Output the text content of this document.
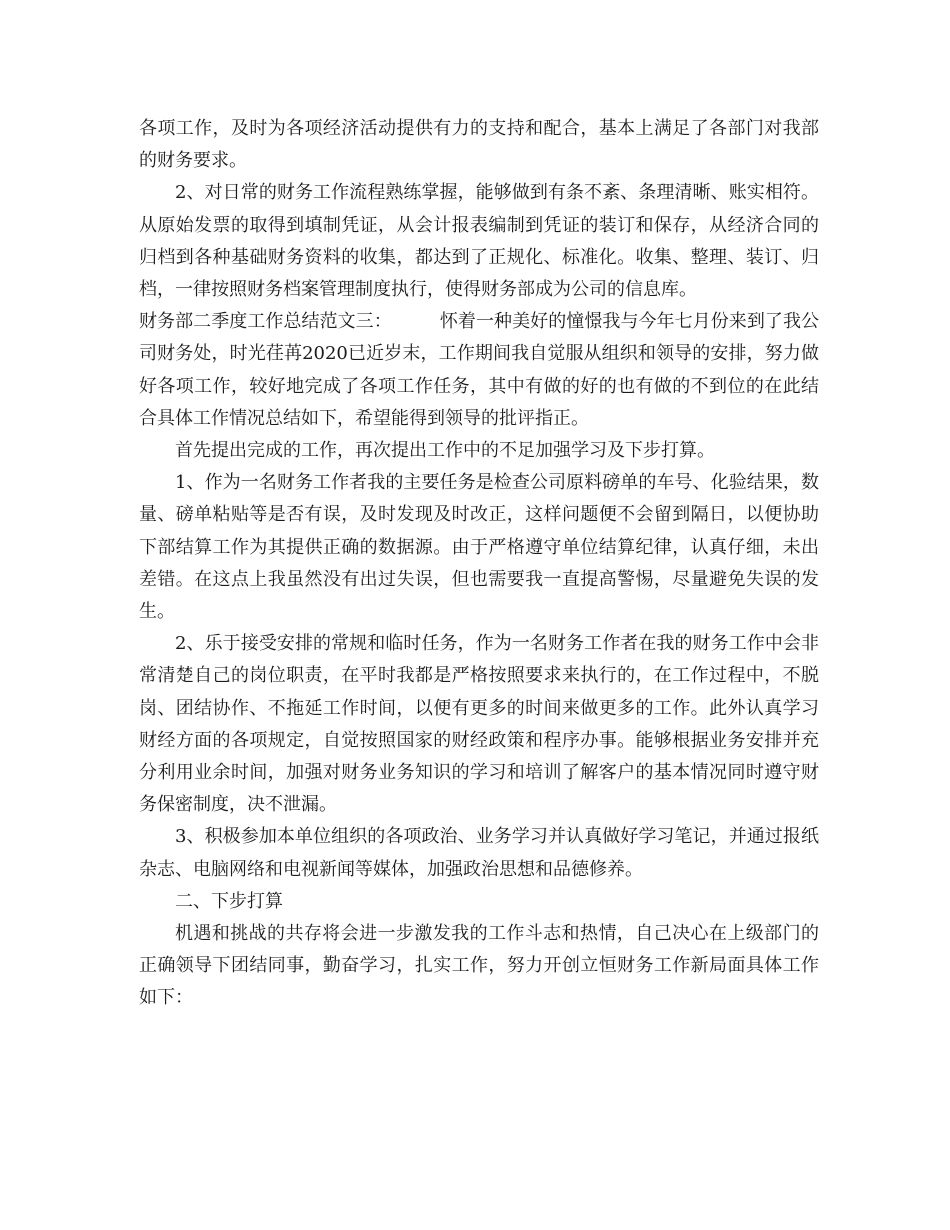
各项工作，及时为各项经济活动提供有力的支持和配合，基本上满足了各部门对我部的财务要求。

2、对日常的财务工作流程熟练掌握，能够做到有条不紊、条理清晰、账实相符。从原始发票的取得到填制凭证，从会计报表编制到凭证的装订和保存，从经济合同的归档到各种基础财务资料的收集，都达到了正规化、标准化。收集、整理、装订、归档，一律按照财务档案管理制度执行，使得财务部成为公司的信息库。

财务部二季度工作总结范文三：	怀着一种美好的憧憬我与今年七月份来到了我公司财务处，时光荏苒2020已近岁末，工作期间我自觉服从组织和领导的安排，努力做好各项工作，较好地完成了各项工作任务，其中有做的好的也有做的不到位的在此结合具体工作情况总结如下，希望能得到领导的批评指正。

首先提出完成的工作，再次提出工作中的不足加强学习及下步打算。

1、作为一名财务工作者我的主要任务是检查公司原料磅单的车号、化验结果，数量、磅单粘贴等是否有误，及时发现及时改正，这样问题便不会留到隔日，以便协助下部结算工作为其提供正确的数据源。由于严格遵守单位结算纪律，认真仔细，未出差错。在这点上我虽然没有出过失误，但也需要我一直提高警惕，尽量避免失误的发生。

2、乐于接受安排的常规和临时任务，作为一名财务工作者在我的财务工作中会非常清楚自己的岗位职责，在平时我都是严格按照要求来执行的，在工作过程中，不脱岗、团结协作、不拖延工作时间，以便有更多的时间来做更多的工作。此外认真学习财经方面的各项规定，自觉按照国家的财经政策和程序办事。能够根据业务安排并充分利用业余时间，加强对财务业务知识的学习和培训了解客户的基本情况同时遵守财务保密制度，决不泄漏。

3、积极参加本单位组织的各项政治、业务学习并认真做好学习笔记，并通过报纸杂志、电脑网络和电视新闻等媒体，加强政治思想和品德修养。

二、下步打算

机遇和挑战的共存将会进一步激发我的工作斗志和热情，自己决心在上级部门的正确领导下团结同事，勤奋学习，扎实工作，努力开创立恒财务工作新局面具体工作如下：
